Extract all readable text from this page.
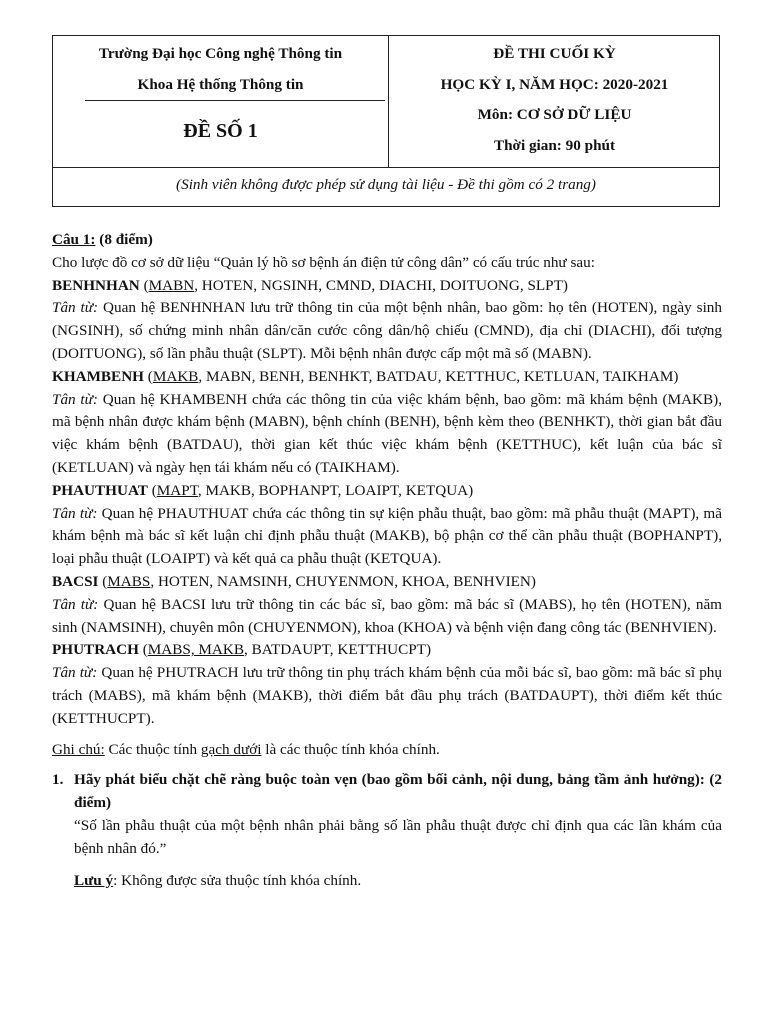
Trường Đại học Công nghệ Thông tin
Khoa Hệ thống Thông tin
ĐỀ SỐ 1
ĐỀ THI CUỐI KỲ
HỌC KỲ I, NĂM HỌC: 2020-2021
Môn: CƠ SỞ DỮ LIỆU
Thời gian: 90 phút
(Sinh viên không được phép sử dụng tài liệu - Đề thi gồm có 2 trang)

Câu 1: (8 điểm)

Cho lược đồ cơ sở dữ liệu “Quản lý hồ sơ bệnh án điện tử công dân” có cấu trúc như sau:

BENHNHAN (MABN, HOTEN, NGSINH, CMND, DIACHI, DOITUONG, SLPT)

Tân từ: Quan hệ BENHNHAN lưu trữ thông tin của một bệnh nhân, bao gồm: họ tên (HOTEN), ngày sinh (NGSINH), số chứng minh nhân dân/căn cước công dân/hộ chiếu (CMND), địa chỉ (DIACHI), đối tượng (DOITUONG), số lần phẫu thuật (SLPT). Mỗi bệnh nhân được cấp một mã số (MABN).

KHAMBENH (MAKB, MABN, BENH, BENHKT, BATDAU, KETTHUC, KETLUAN, TAIKHAM)

Tân từ: Quan hệ KHAMBENH chứa các thông tin của việc khám bệnh, bao gồm: mã khám bệnh (MAKB), mã bệnh nhân được khám bệnh (MABN), bệnh chính (BENH), bệnh kèm theo (BENHKT), thời gian bắt đầu việc khám bệnh (BATDAU), thời gian kết thúc việc khám bệnh (KETTHUC), kết luận của bác sĩ (KETLUAN) và ngày hẹn tái khám nếu có (TAIKHAM).

PHAUTHUAT (MAPT, MAKB, BOPHANPT, LOAIPT, KETQUA)

Tân từ: Quan hệ PHAUTHUAT chứa các thông tin sự kiện phẫu thuật, bao gồm: mã phẫu thuật (MAPT), mã khám bệnh mà bác sĩ kết luận chỉ định phẫu thuật (MAKB), bộ phận cơ thể cần phẫu thuật (BOPHANPT), loại phẫu thuật (LOAIPT) và kết quả ca phẫu thuật (KETQUA).

BACSI (MABS, HOTEN, NAMSINH, CHUYENMON, KHOA, BENHVIEN)

Tân từ: Quan hệ BACSI lưu trữ thông tin các bác sĩ, bao gồm: mã bác sĩ (MABS), họ tên (HOTEN), năm sinh (NAMSINH), chuyên môn (CHUYENMON), khoa (KHOA) và bệnh viện đang công tác (BENHVIEN).

PHUTRACH (MABS, MAKB, BATDAUPT, KETTHUCPT)

Tân từ: Quan hệ PHUTRACH lưu trữ thông tin phụ trách khám bệnh của mỗi bác sĩ, bao gồm: mã bác sĩ phụ trách (MABS), mã khám bệnh (MAKB), thời điểm bắt đầu phụ trách (BATDAUPT), thời điểm kết thúc (KETTHUCPT).

Ghi chú: Các thuộc tính gạch dưới là các thuộc tính khóa chính.

1. Hãy phát biểu chặt chẽ ràng buộc toàn vẹn (bao gồm bối cảnh, nội dung, bảng tầm ảnh hưởng): (2 điểm)

“Số lần phẫu thuật của một bệnh nhân phải bằng số lần phẫu thuật được chỉ định qua các lần khám của bệnh nhân đó.”

Lưu ý: Không được sửa thuộc tính khóa chính.
